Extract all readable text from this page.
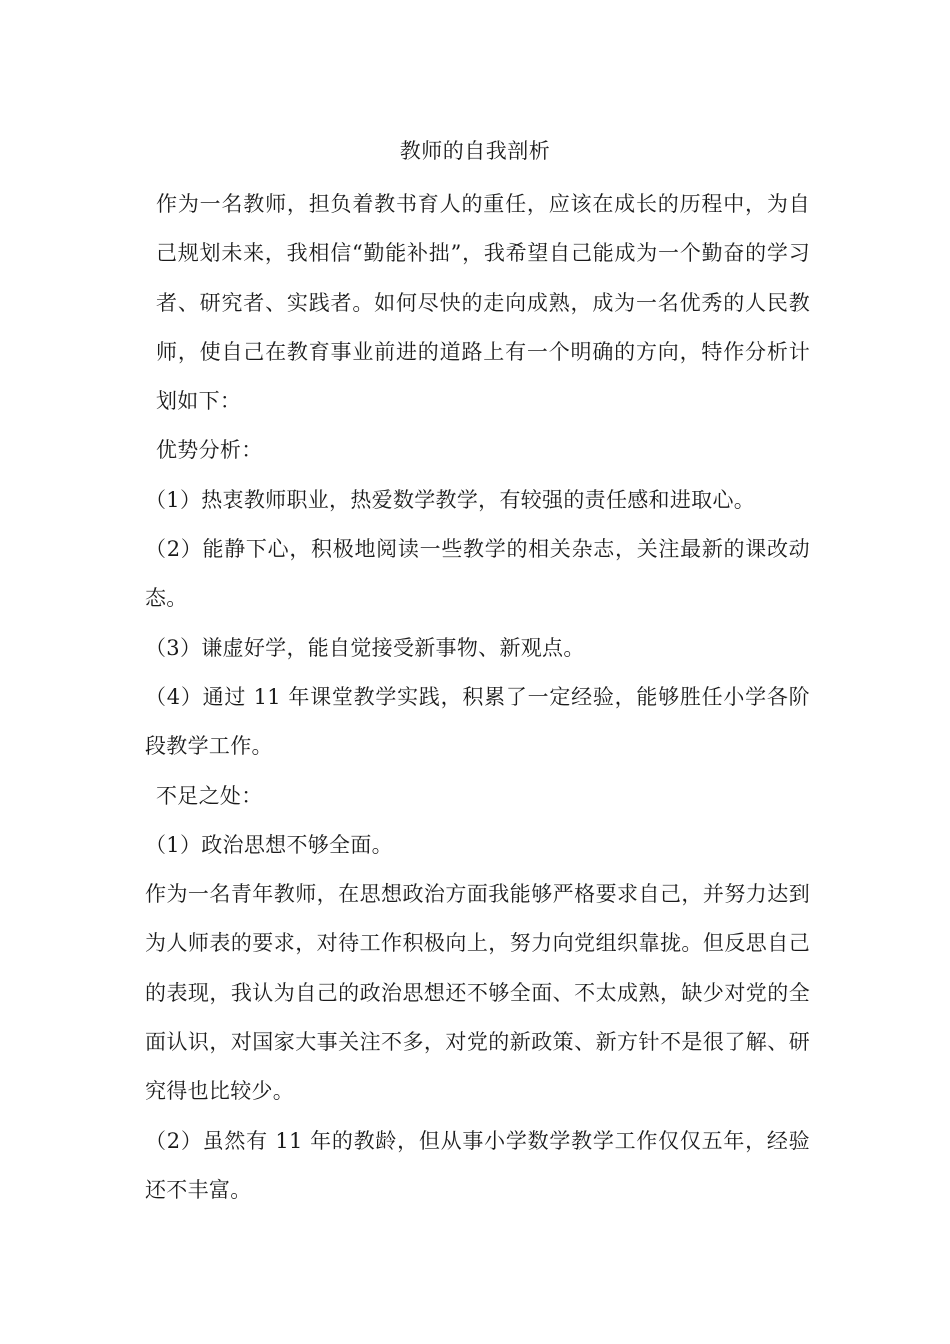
教师的自我剖析

作为一名教师，担负着教书育人的重任，应该在成长的历程中，为自己规划未来，我相信“勤能补拙”，我希望自己能成为一个勤奋的学习者、研究者、实践者。如何尽快的走向成熟，成为一名优秀的人民教师，使自己在教育事业前进的道路上有一个明确的方向，特作分析计划如下：

优势分析：

（1）热衷教师职业，热爱数学教学，有较强的责任感和进取心。

（2）能静下心，积极地阅读一些教学的相关杂志，关注最新的课改动态。

（3）谦虚好学，能自觉接受新事物、新观点。

（4）通过 11 年课堂教学实践，积累了一定经验，能够胜任小学各阶段教学工作。

不足之处：

（1）政治思想不够全面。

作为一名青年教师，在思想政治方面我能够严格要求自己，并努力达到为人师表的要求，对待工作积极向上，努力向党组织靠拢。但反思自己的表现，我认为自己的政治思想还不够全面、不太成熟，缺少对党的全面认识，对国家大事关注不多，对党的新政策、新方针不是很了解、研究得也比较少。

（2）虽然有 11 年的教龄，但从事小学数学教学工作仅仅五年，经验还不丰富。
